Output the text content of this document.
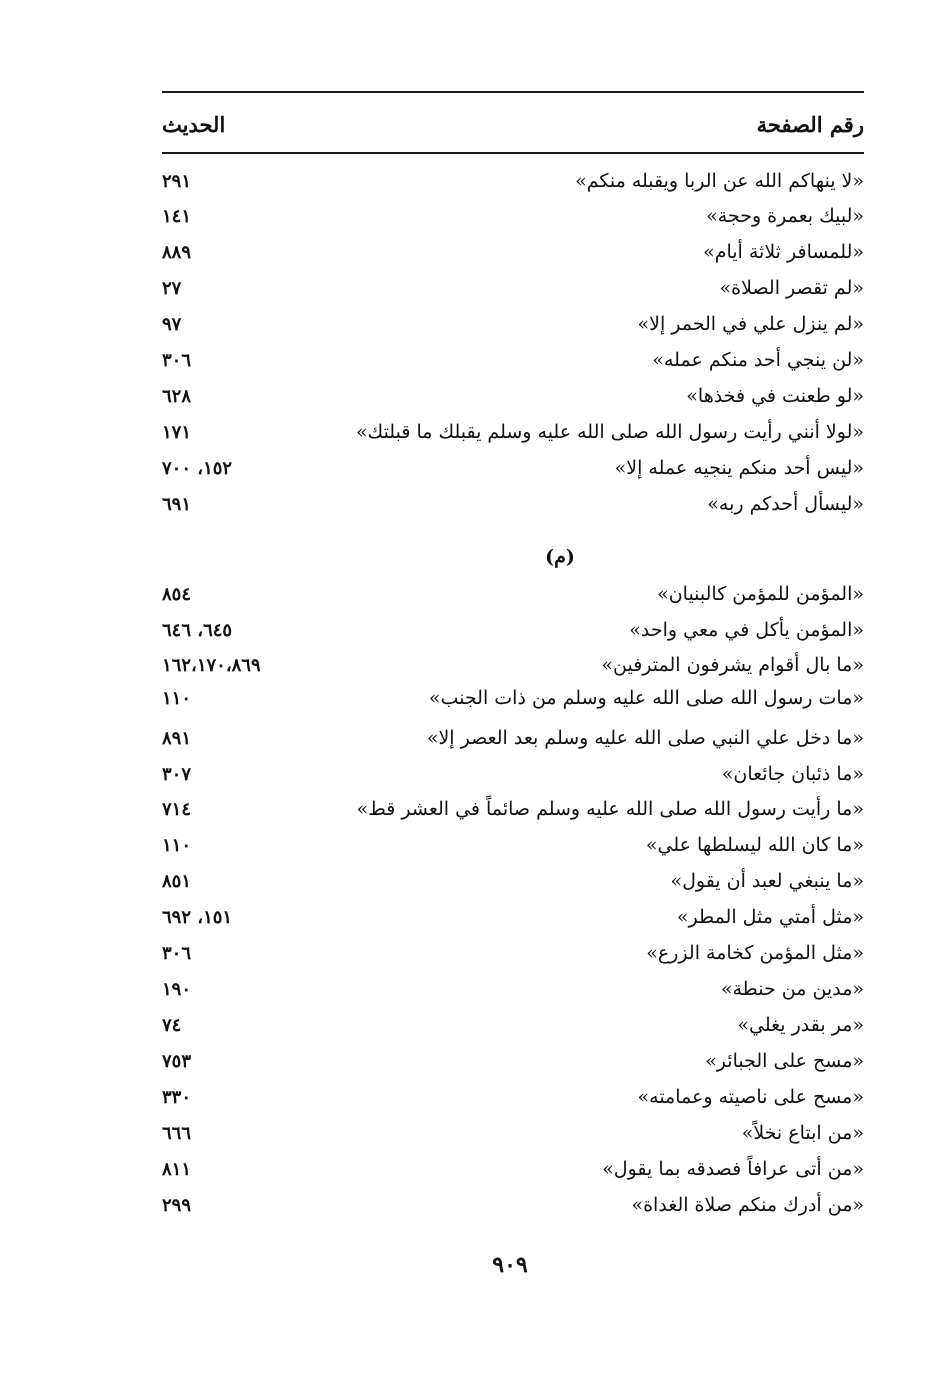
الحديث	رقم الصفحة
«لا ينهاكم الله عن الربا ويقبله منكم»
٢٩١
«لبيك بعمرة وحجة»
١٤١
«للمسافر ثلاثة أيام»
٨٨٩
«لم تقصر الصلاة»
٢٧
«لم ينزل علي في الحمر إلا»
٩٧
«لن ينجي أحد منكم عمله»
٣٠٦
«لو طعنت في فخذها»
٦٢٨
«لولا أنني رأيت رسول الله صلى الله عليه وسلم يقبلك ما قبلتك»
١٧١
«ليس أحد منكم ينجيه عمله إلا»
١٥٢، ٧٠٠
«ليسأل أحدكم ربه»
٦٩١
(م)
«المؤمن للمؤمن كالبنيان»
٨٥٤
«المؤمن يأكل في معي واحد»
٦٤٥، ٦٤٦
«ما بال أقوام يشرفون المترفين»
١٦٢،١٧٠،٨٦٩
«مات رسول الله صلى الله عليه وسلم من ذات الجنب»
١١٠
«ما دخل علي النبي صلى الله عليه وسلم بعد العصر إلا»
٨٩١
«ما ذئبان جائعان»
٣٠٧
«ما رأيت رسول الله صلى الله عليه وسلم صائماً في العشر قط»
٧١٤
«ما كان الله ليسلطها علي»
١١٠
«ما ينبغي لعبد أن يقول»
٨٥١
«مثل أمتي مثل المطر»
١٥١، ٦٩٢
«مثل المؤمن كخامة الزرع»
٣٠٦
«مدين من حنطة»
١٩٠
«مر بقدر يغلي»
٧٤
«مسح على الجبائر»
٧٥٣
«مسح على ناصيته وعمامته»
٣٣٠
«من ابتاع نخلاً»
٦٦٦
«من أتى عرافاً فصدقه بما يقول»
٨١١
«من أدرك منكم صلاة الغداة»
٢٩٩
٩٠٩
